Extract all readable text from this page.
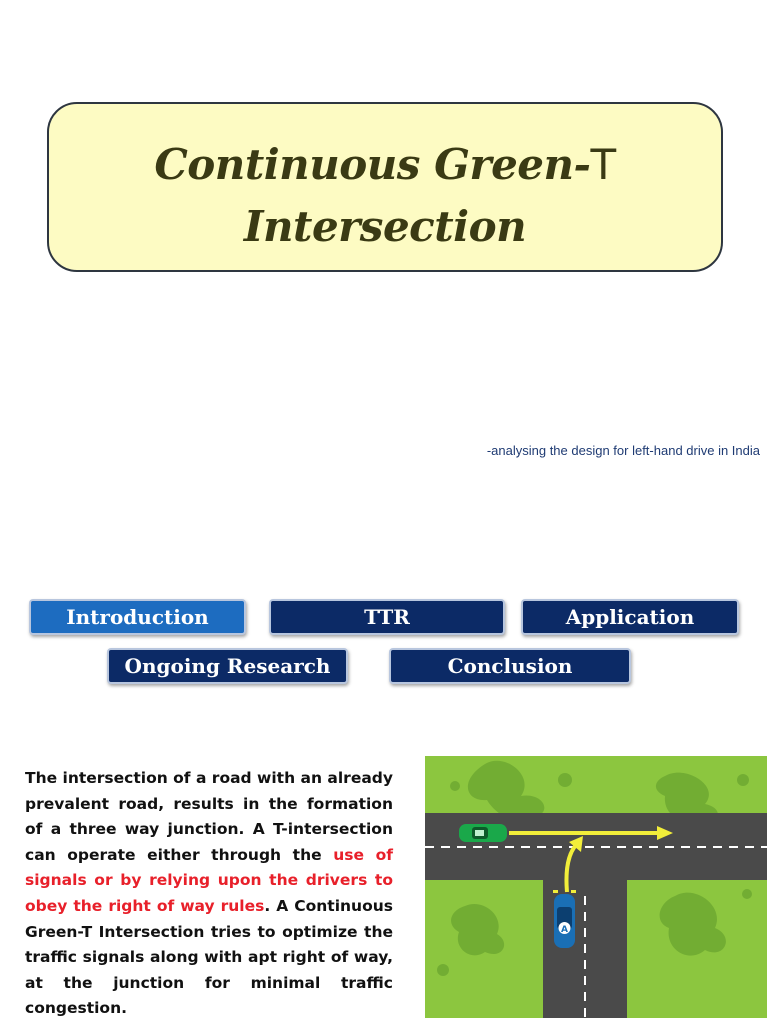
Continuous Green-T
Intersection
-analysing the design for left-hand drive in India
Introduction	TTR	Application
Ongoing Research	Conclusion
The intersection of a road with an already prevalent road, results in the formation of a three way junction. A T-intersection can operate either through the use of signals or by relying upon the drivers to obey the right of way rules. A Continuous Green-T Intersection tries to optimize the traffic signals along with apt right of way, at the junction for minimal traffic congestion.
A
